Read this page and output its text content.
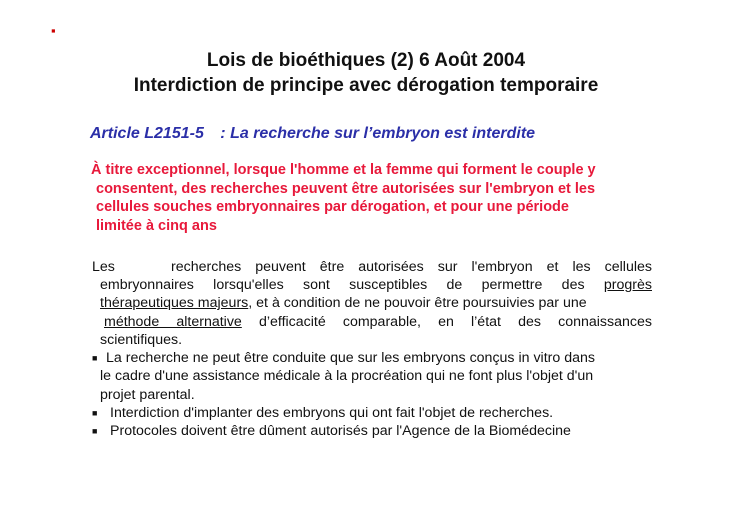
▪
Lois de bioéthiques (2) 6 Août 2004
Interdiction de principe avec dérogation temporaire
Article L2151-5 : La recherche sur l’embryon est interdite
À titre exceptionnel, lorsque l'homme et la femme qui forment le couple y
consentent, des recherches peuvent être autorisées sur l'embryon et les
cellules souches embryonnaires par dérogation, et pour une période
limitée à cinq ans
Les    recherches peuvent être autorisées sur l'embryon et les cellules
embryonnaires lorsqu'elles sont susceptibles de permettre des progrès
thérapeutiques majeurs, et à condition de ne pouvoir être poursuivies par une
méthode alternative d’efficacité comparable, en l’état des connaissances
scientifiques.
■ La recherche ne peut être conduite que sur les embryons conçus in vitro dans
le cadre d'une assistance médicale à la procréation qui ne font plus l'objet d'un
projet parental.
■ Interdiction d'implanter des embryons qui ont fait l'objet de recherches.
■ Protocoles doivent être dûment autorisés par l'Agence de la Biomédecine
